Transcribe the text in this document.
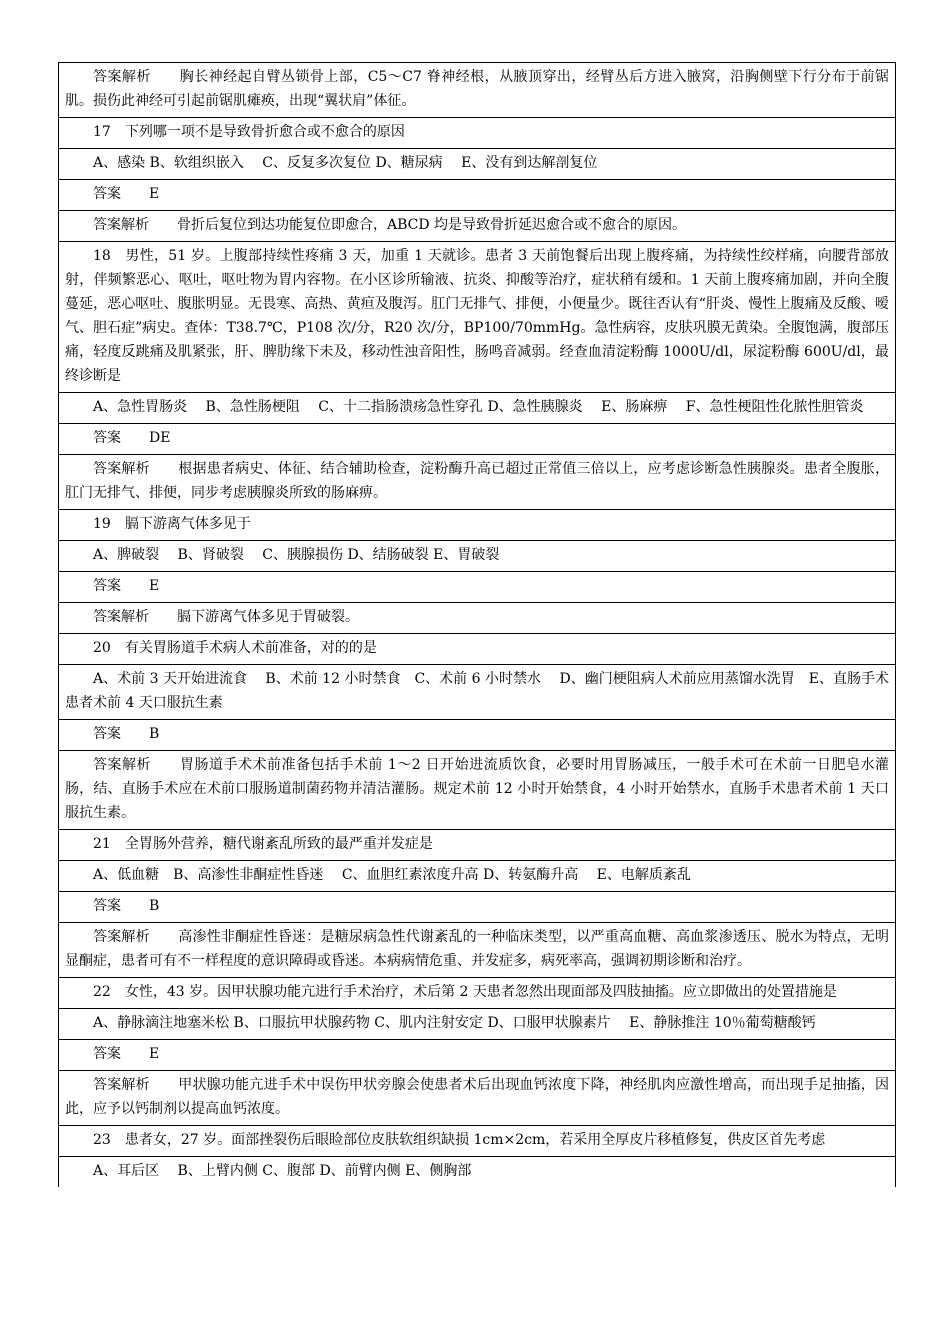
答案解析　　胸长神经起自臂丛锁骨上部，C5～C7 脊神经根，从腋顶穿出，经臂丛后方进入腋窝，沿胸侧壁下行分布于前锯肌。损伤此神经可引起前锯肌瘫痪，出现“翼状肩”体征。
17　下列哪一项不是导致骨折愈合或不愈合的原因
A、感染 B、软组织嵌入　 C、反复多次复位 D、糖尿病　 E、没有到达解剖复位
答案　　E
答案解析　　骨折后复位到达功能复位即愈合，ABCD 均是导致骨折延迟愈合或不愈合的原因。
18　男性，51 岁。上腹部持续性疼痛 3 天，加重 1 天就诊。患者 3 天前饱餐后出现上腹疼痛，为持续性绞样痛，向腰背部放射，伴频繁恶心、呕吐，呕吐物为胃内容物。在小区诊所输液、抗炎、抑酸等治疗，症状稍有缓和。1 天前上腹疼痛加剧，并向全腹蔓延，恶心呕吐、腹胀明显。无畏寒、高热、黄疸及腹泻。肛门无排气、排便，小便量少。既往否认有“肝炎、慢性上腹痛及反酸、嗳气、胆石症”病史。查体：T38.7℃，P108 次/分，R20 次/分，BP100/70mmHg。急性病容，皮肤巩膜无黄染。全腹饱满，腹部压痛，轻度反跳痛及肌紧张，肝、脾肋缘下未及，移动性浊音阳性，肠鸣音减弱。经查血清淀粉酶 1000U/dl，尿淀粉酶 600U/dl，最终诊断是
A、急性胃肠炎　 B、急性肠梗阻　 C、十二指肠溃疡急性穿孔 D、急性胰腺炎　 E、肠麻痹　 F、急性梗阻性化脓性胆管炎
答案　　DE
答案解析　　根据患者病史、体征、结合辅助检查，淀粉酶升高已超过正常值三倍以上，应考虑诊断急性胰腺炎。患者全腹胀，肛门无排气、排便，同步考虑胰腺炎所致的肠麻痹。
19　膈下游离气体多见于
A、脾破裂　 B、肾破裂　 C、胰腺损伤 D、结肠破裂 E、胃破裂
答案　　E
答案解析　　膈下游离气体多见于胃破裂。
20　有关胃肠道手术病人术前准备，对的的是
A、术前 3 天开始进流食　 B、术前 12 小时禁食　C、术前 6 小时禁水　 D、幽门梗阻病人术前应用蒸馏水洗胃　E、直肠手术患者术前 4 天口服抗生素
答案　　B
答案解析　　胃肠道手术术前准备包括手术前 1～2 日开始进流质饮食，必要时用胃肠减压，一般手术可在术前一日肥皂水灌肠，结、直肠手术应在术前口服肠道制菌药物并清洁灌肠。规定术前 12 小时开始禁食，4 小时开始禁水，直肠手术患者术前 1 天口服抗生素。
21　全胃肠外营养，糖代谢紊乱所致的最严重并发症是
A、低血糖　B、高渗性非酮症性昏迷　 C、血胆红素浓度升高 D、转氨酶升高　 E、电解质紊乱
答案　　B
答案解析　　高渗性非酮症性昏迷：是糖尿病急性代谢紊乱的一种临床类型，以严重高血糖、高血浆渗透压、脱水为特点，无明显酮症，患者可有不一样程度的意识障碍或昏迷。本病病情危重、并发症多，病死率高，强调初期诊断和治疗。
22　女性，43 岁。因甲状腺功能亢进行手术治疗，术后第 2 天患者忽然出现面部及四肢抽搐。应立即做出的处置措施是
A、静脉滴注地塞米松 B、口服抗甲状腺药物 C、肌内注射安定 D、口服甲状腺素片　 E、静脉推注 10％葡萄糖酸钙
答案　　E
答案解析　　甲状腺功能亢进手术中误伤甲状旁腺会使患者术后出现血钙浓度下降，神经肌肉应激性增高，而出现手足抽搐，因此，应予以钙制剂以提高血钙浓度。
23　患者女，27 岁。面部挫裂伤后眼睑部位皮肤软组织缺损 1cm×2cm，若采用全厚皮片移植修复，供皮区首先考虑
A、耳后区　 B、上臂内侧 C、腹部 D、前臂内侧 E、侧胸部
